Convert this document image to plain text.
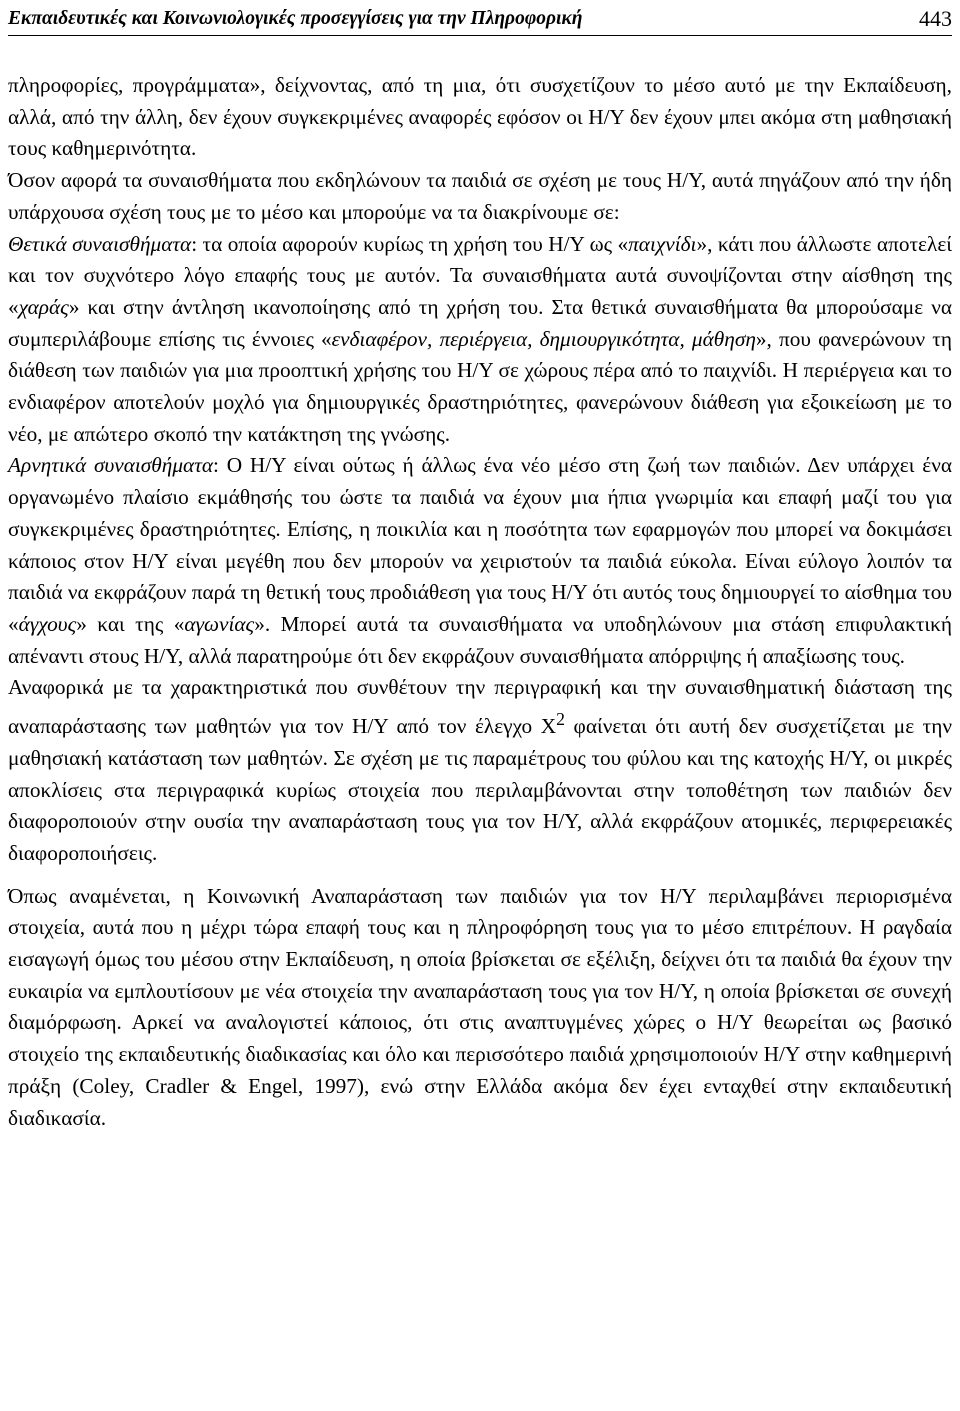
Εκπαιδευτικές και Κοινωνιολογικές προσεγγίσεις για την Πληροφορική	443

πληροφορίες, προγράμματα», δείχνοντας, από τη μια, ότι συσχετίζουν το μέσο αυτό με την Εκπαίδευση, αλλά, από την άλλη, δεν έχουν συγκεκριμένες αναφορές εφόσον οι Η/Υ δεν έχουν μπει ακόμα στη μαθησιακή τους καθημερινότητα.

Όσον αφορά τα συναισθήματα που εκδηλώνουν τα παιδιά σε σχέση με τους Η/Υ, αυτά πηγάζουν από την ήδη υπάρχουσα σχέση τους με το μέσο και μπορούμε να τα διακρίνουμε σε:

Θετικά συναισθήματα: τα οποία αφορούν κυρίως τη χρήση του Η/Υ ως «παιχνίδι», κάτι που άλλωστε αποτελεί και τον συχνότερο λόγο επαφής τους με αυτόν. Τα συναισθήματα αυτά συνοψίζονται στην αίσθηση της «χαράς» και στην άντληση ικανοποίησης από τη χρήση του. Στα θετικά συναισθήματα θα μπορούσαμε να συμπεριλάβουμε επίσης τις έννοιες «ενδιαφέρον, περιέργεια, δημιουργικότητα, μάθηση», που φανερώνουν τη διάθεση των παιδιών για μια προοπτική χρήσης του Η/Υ σε χώρους πέρα από το παιχνίδι. Η περιέργεια και το ενδιαφέρον αποτελούν μοχλό για δημιουργικές δραστηριότητες, φανερώνουν διάθεση για εξοικείωση με το νέο, με απώτερο σκοπό την κατάκτηση της γνώσης.

Αρνητικά συναισθήματα: Ο Η/Υ είναι ούτως ή άλλως ένα νέο μέσο στη ζωή των παιδιών. Δεν υπάρχει ένα οργανωμένο πλαίσιο εκμάθησής του ώστε τα παιδιά να έχουν μια ήπια γνωριμία και επαφή μαζί του για συγκεκριμένες δραστηριότητες. Επίσης, η ποικιλία και η ποσότητα των εφαρμογών που μπορεί να δοκιμάσει κάποιος στον Η/Υ είναι μεγέθη που δεν μπορούν να χειριστούν τα παιδιά εύκολα. Είναι εύλογο λοιπόν τα παιδιά να εκφράζουν παρά τη θετική τους προδιάθεση για τους Η/Υ ότι αυτός τους δημιουργεί το αίσθημα του «άγχους» και της «αγωνίας». Μπορεί αυτά τα συναισθήματα να υποδηλώνουν μια στάση επιφυλακτική απέναντι στους Η/Υ, αλλά παρατηρούμε ότι δεν εκφράζουν συναισθήματα απόρριψης ή απαξίωσης τους.

Αναφορικά με τα χαρακτηριστικά που συνθέτουν την περιγραφική και την συναισθηματική διάσταση της αναπαράστασης των μαθητών για τον Η/Υ από τον έλεγχο $X^2$ φαίνεται ότι αυτή δεν συσχετίζεται με την μαθησιακή κατάσταση των μαθητών. Σε σχέση με τις παραμέτρους του φύλου και της κατοχής Η/Υ, οι μικρές αποκλίσεις στα περιγραφικά κυρίως στοιχεία που περιλαμβάνονται στην τοποθέτηση των παιδιών δεν διαφοροποιούν στην ουσία την αναπαράσταση τους για τον Η/Υ, αλλά εκφράζουν ατομικές, περιφερειακές διαφοροποιήσεις.

Όπως αναμένεται, η Κοινωνική Αναπαράσταση των παιδιών για τον Η/Υ περιλαμβάνει περιορισμένα στοιχεία, αυτά που η μέχρι τώρα επαφή τους και η πληροφόρηση τους για το μέσο επιτρέπουν. Η ραγδαία εισαγωγή όμως του μέσου στην Εκπαίδευση, η οποία βρίσκεται σε εξέλιξη, δείχνει ότι τα παιδιά θα έχουν την ευκαιρία να εμπλουτίσουν με νέα στοιχεία την αναπαράσταση τους για τον Η/Υ, η οποία βρίσκεται σε συνεχή διαμόρφωση. Αρκεί να αναλογιστεί κάποιος, ότι στις αναπτυγμένες χώρες ο Η/Υ θεωρείται ως βασικό στοιχείο της εκπαιδευτικής διαδικασίας και όλο και περισσότερο παιδιά χρησιμοποιούν Η/Υ στην καθημερινή πράξη (Coley, Cradler & Engel, 1997), ενώ στην Ελλάδα ακόμα δεν έχει ενταχθεί στην εκπαιδευτική διαδικασία.
